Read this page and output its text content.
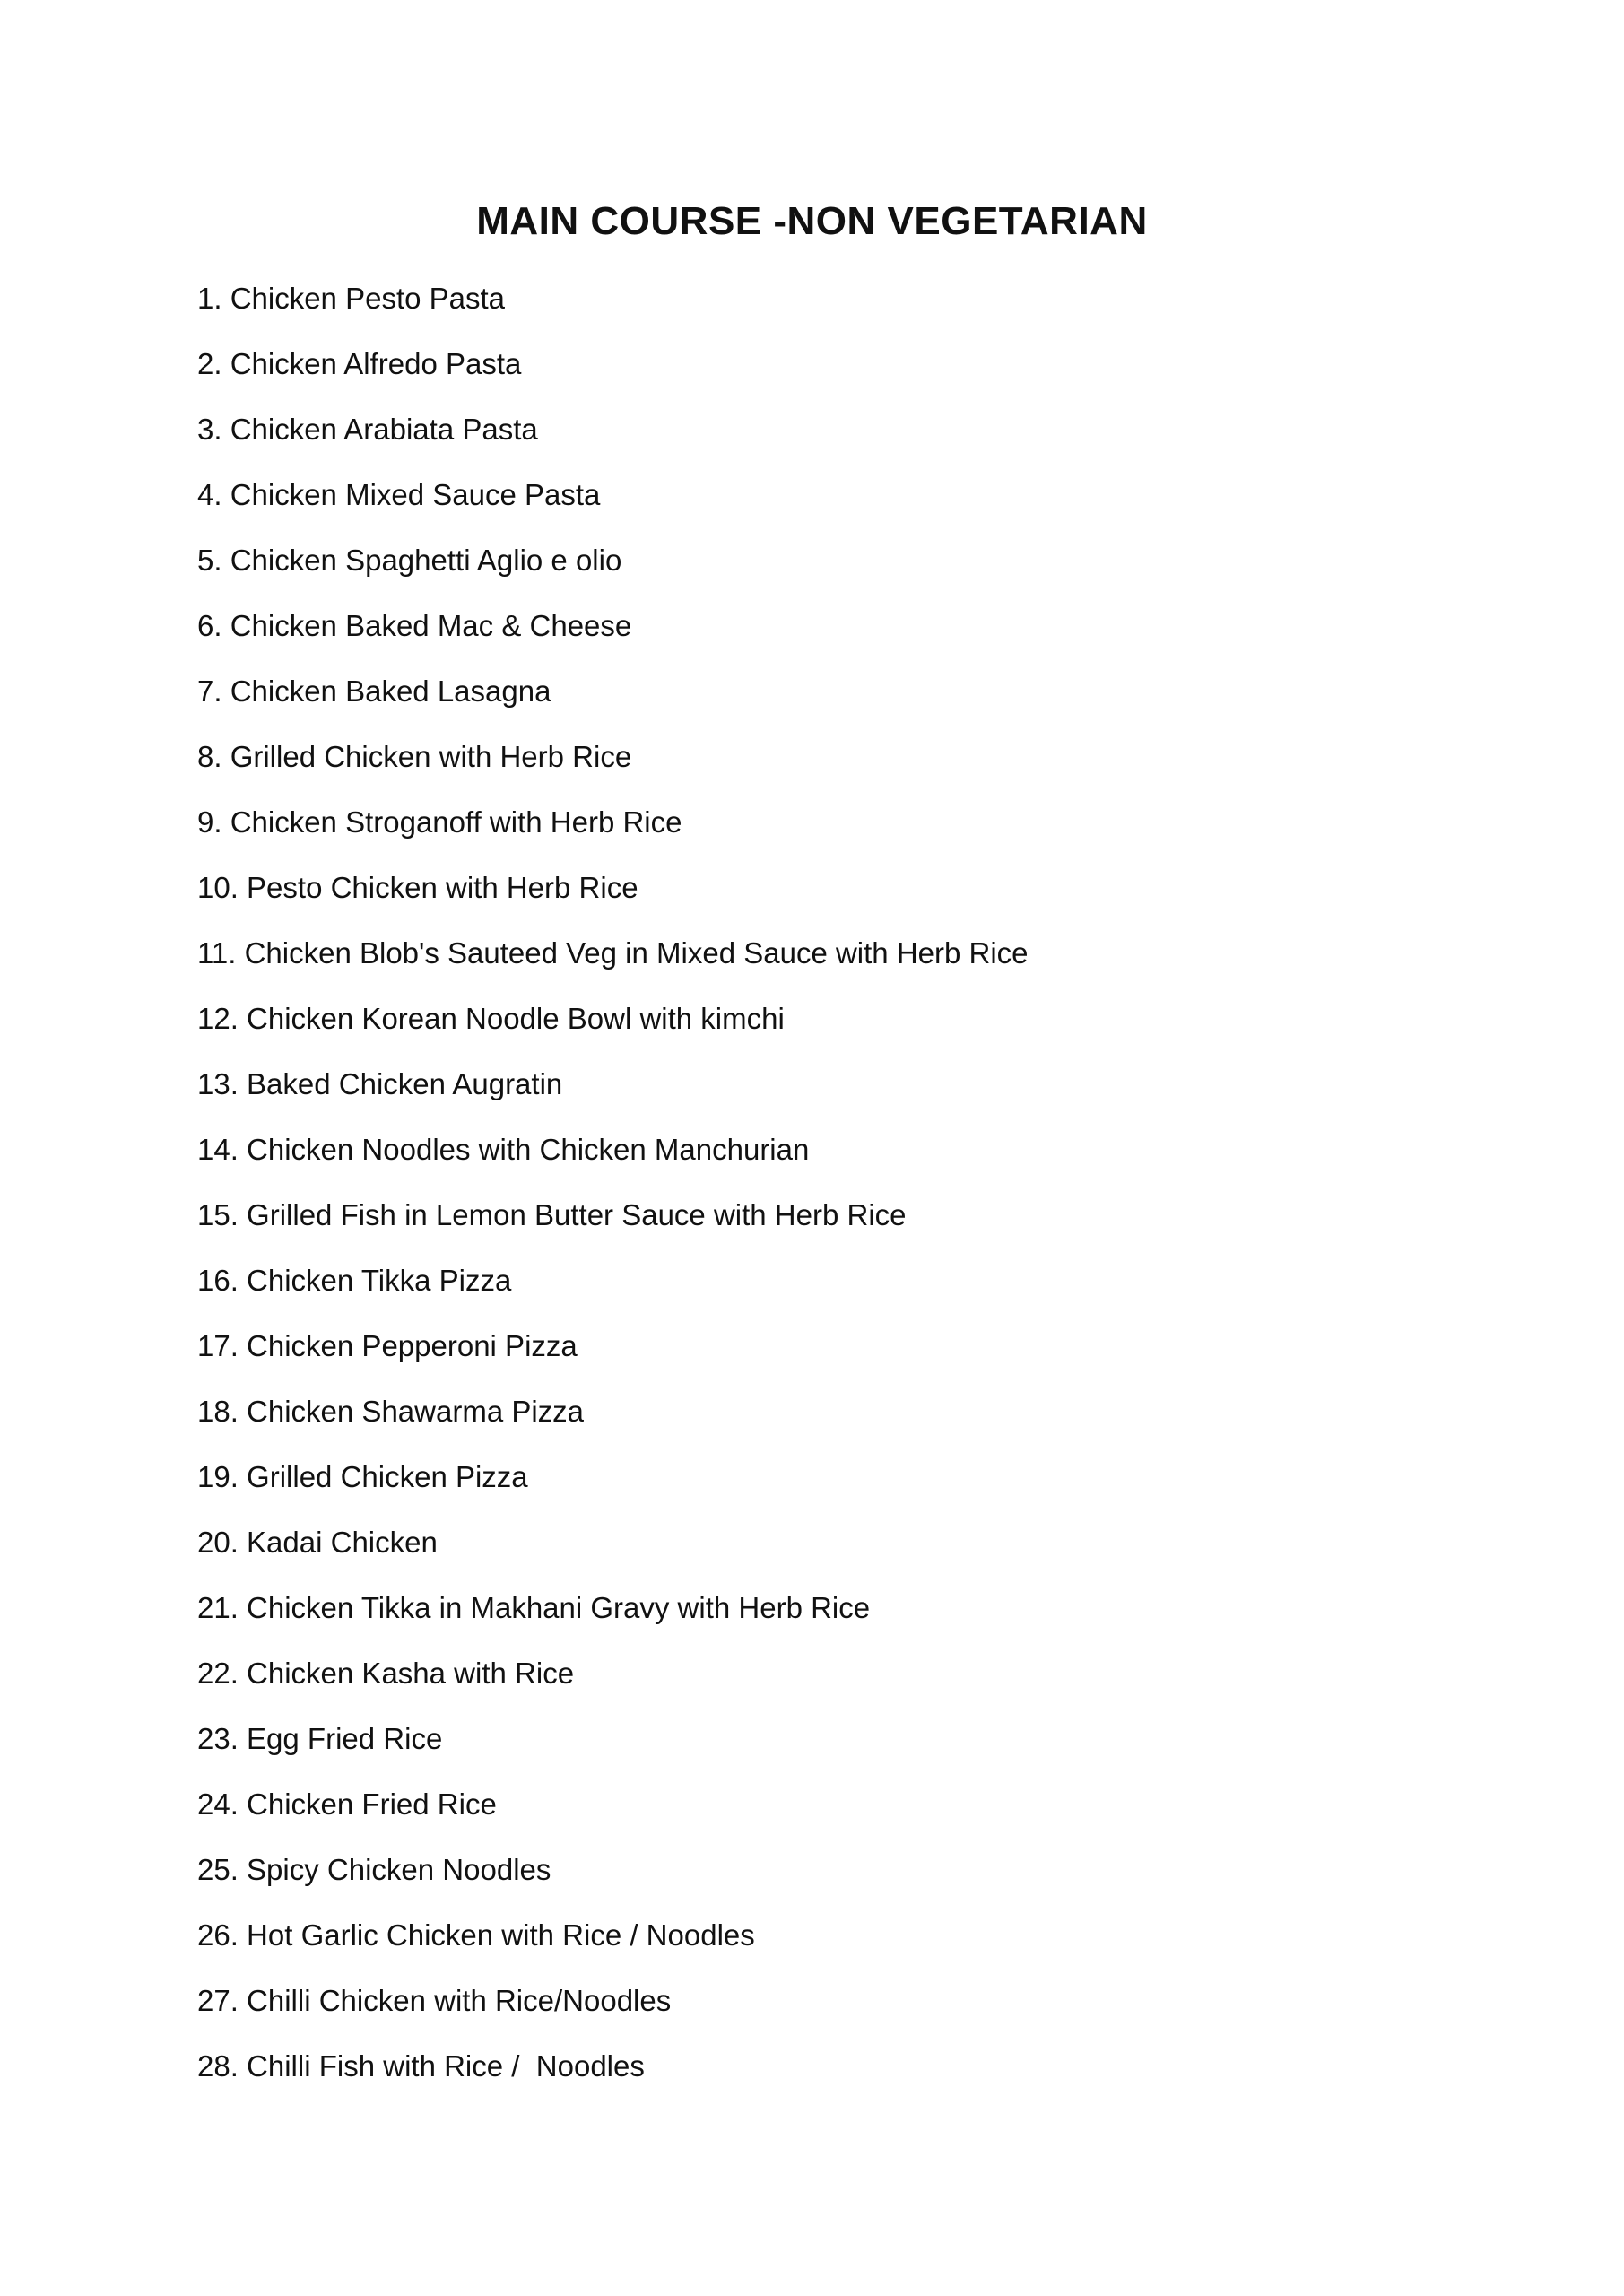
MAIN COURSE -NON VEGETARIAN
1. Chicken Pesto Pasta
2. Chicken Alfredo Pasta
3. Chicken Arabiata Pasta
4. Chicken Mixed Sauce Pasta
5. Chicken Spaghetti Aglio e olio
6. Chicken Baked Mac & Cheese
7. Chicken Baked Lasagna
8. Grilled Chicken with Herb Rice
9. Chicken Stroganoff with Herb Rice
10. Pesto Chicken with Herb Rice
11. Chicken Blob's Sauteed Veg in Mixed Sauce with Herb Rice
12. Chicken Korean Noodle Bowl with kimchi
13. Baked Chicken Augratin
14. Chicken Noodles with Chicken Manchurian
15. Grilled Fish in Lemon Butter Sauce with Herb Rice
16. Chicken Tikka Pizza
17. Chicken Pepperoni Pizza
18. Chicken Shawarma Pizza
19. Grilled Chicken Pizza
20. Kadai Chicken
21. Chicken Tikka in Makhani Gravy with Herb Rice
22. Chicken Kasha with Rice
23. Egg Fried Rice
24. Chicken Fried Rice
25. Spicy Chicken Noodles
26. Hot Garlic Chicken with Rice / Noodles
27. Chilli Chicken with Rice/Noodles
28. Chilli Fish with Rice /  Noodles
